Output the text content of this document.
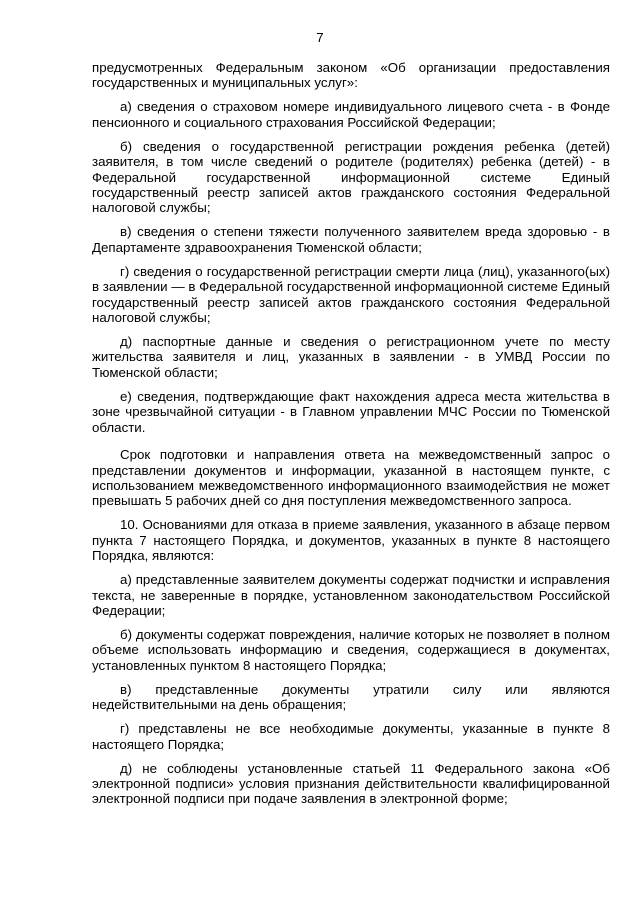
7

предусмотренных Федеральным законом «Об организации предоставления государственных и муниципальных услуг»:

а) сведения о страховом номере индивидуального лицевого счета - в Фонде пенсионного и социального страхования Российской Федерации;

б) сведения о государственной регистрации рождения ребенка (детей) заявителя, в том числе сведений о родителе (родителях) ребенка (детей) - в Федеральной государственной информационной системе Единый государственный реестр записей актов гражданского состояния Федеральной налоговой службы;

в) сведения о степени тяжести полученного заявителем вреда здоровью - в Департаменте здравоохранения Тюменской области;

г) сведения о государственной регистрации смерти лица (лиц), указанного(ых) в заявлении — в Федеральной государственной информационной системе Единый государственный реестр записей актов гражданского состояния Федеральной налоговой службы;

д) паспортные данные и сведения о регистрационном учете по месту жительства заявителя и лиц, указанных в заявлении - в УМВД России по Тюменской области;

е) сведения, подтверждающие факт нахождения адреса места жительства в зоне чрезвычайной ситуации - в Главном управлении МЧС России по Тюменской области.

Срок подготовки и направления ответа на межведомственный запрос о представлении документов и информации, указанной в настоящем пункте, с использованием межведомственного информационного взаимодействия не может превышать 5 рабочих дней со дня поступления межведомственного запроса.

10. Основаниями для отказа в приеме заявления, указанного в абзаце первом пункта 7 настоящего Порядка, и документов, указанных в пункте 8 настоящего Порядка, являются:

а) представленные заявителем документы содержат подчистки и исправления текста, не заверенные в порядке, установленном законодательством Российской Федерации;

б) документы содержат повреждения, наличие которых не позволяет в полном объеме использовать информацию и сведения, содержащиеся в документах, установленных пунктом 8 настоящего Порядка;

в) представленные документы утратили силу или являются недействительными на день обращения;

г) представлены не все необходимые документы, указанные в пункте 8 настоящего Порядка;

д) не соблюдены установленные статьей 11 Федерального закона «Об электронной подписи» условия признания действительности квалифицированной электронной подписи при подаче заявления в электронной форме;
